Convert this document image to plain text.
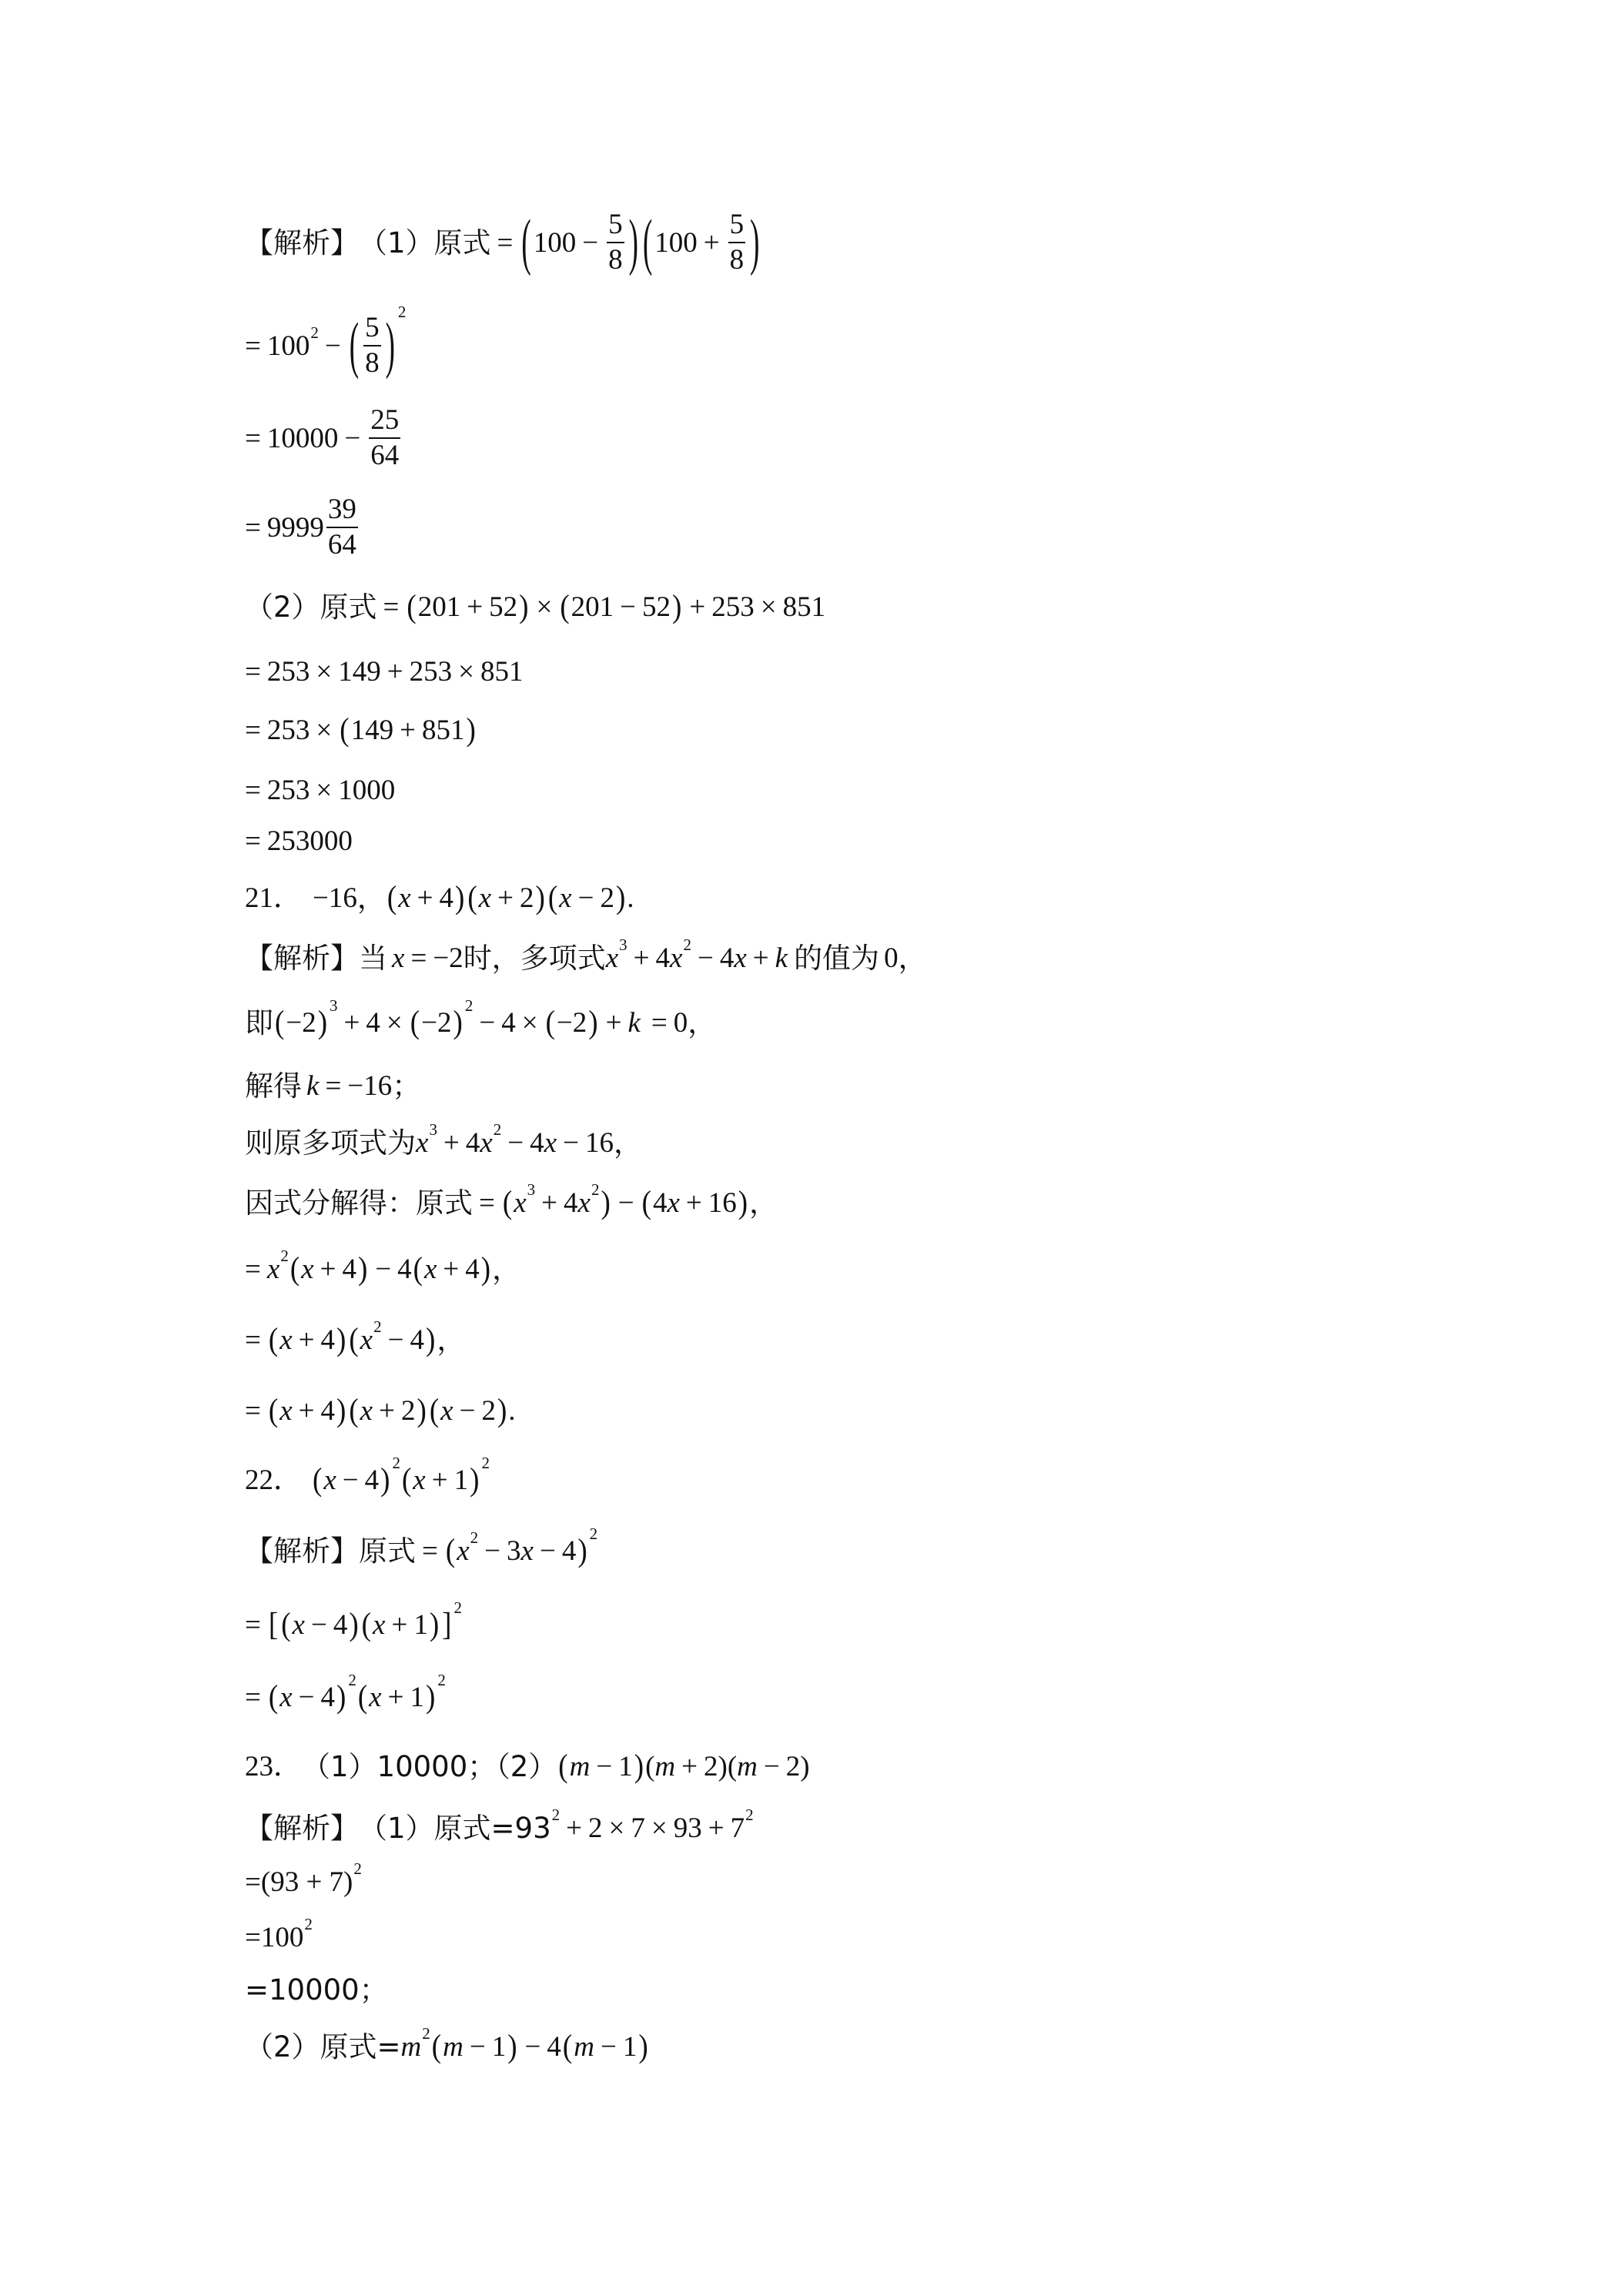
【解析】 （1）原式 = ( $100 - \frac{5}{8}$ ) ( $100 + \frac{5}{8}$ )
= $100^2$ − ( $\frac{5}{8} )^2$
= $10000 - \frac{25}{64}$
= $9999 \frac{39}{64}$
（2）原式 = ( 201 + 52 ) × ( 201 − 52 ) + 253 × 851
= 253 × 149 + 253 × 851
= 253 × ( 149 + 851 )
= 253 × 1000
= 253000
21． −16 ， ( x + 4 ) ( x + 2 ) ( x − 2 ) .
【解析】 当 x = −2 时，多项式 $x^3 + 4$ $x^2 - 4$ x + k 的值为 0 ，
即 ( −2 )$^3$
+ 4 × ( −2 )$^2$
− 4 × ( −2 ) + k = 0 ，
解得 k = −16 ；
则原多项式为 $x^3 + 4$ $x^2 - 4$ x − 16 ，
因式分解得：原式 = ( $x^3 + 4$ $x^2$ ) − ( 4 x + 16 ) ，
= $x^2$ ( x + 4 ) − 4 ( x + 4 ) ，
= ( x + 4 ) ( $x^2 - 4$ ) ，
= ( x + 4 ) ( x + 2 ) ( x − 2 ) .
22． ( x − 4 )$^2$ ( x + 1 )$^2$
【解析】 原式 = ( $x^2 - 3$ x − 4 )$^2$
= [ ( x − 4 ) ( x + 1 ) ]$^2$
= ( x − 4 )$^2$ ( x + 1 )$^2$
23． （1）10000；（2） ( m − 1 ) ( m + 2)( m − 2)
【解析】 （1）原式$=93^2 + 2 \times 7 \times 93 + 7^2$
$=(93 + 7)^2$
$=100^2$
=10000；
（2）原式= $m^2$ ( m − 1 ) − 4 ( m − 1 )
